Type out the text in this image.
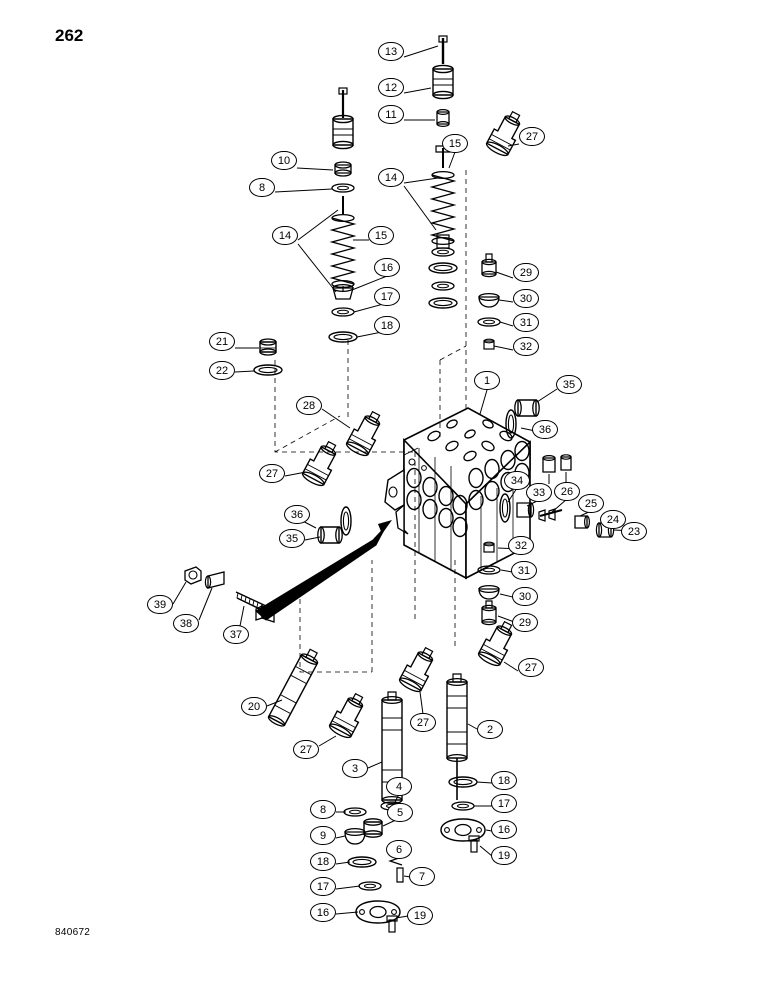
262
840672
13
12
11
15
27
10
14
8
14	15
16	29
17	30
18	31
32
21
22
1	35
28
36
27
34
33	26
25
24
36
23
35
32
31
30
39
29
38
37
27
20
27
2
27
3
18
4
17
8	5
16
9
6	19
18
7
17
16	19
